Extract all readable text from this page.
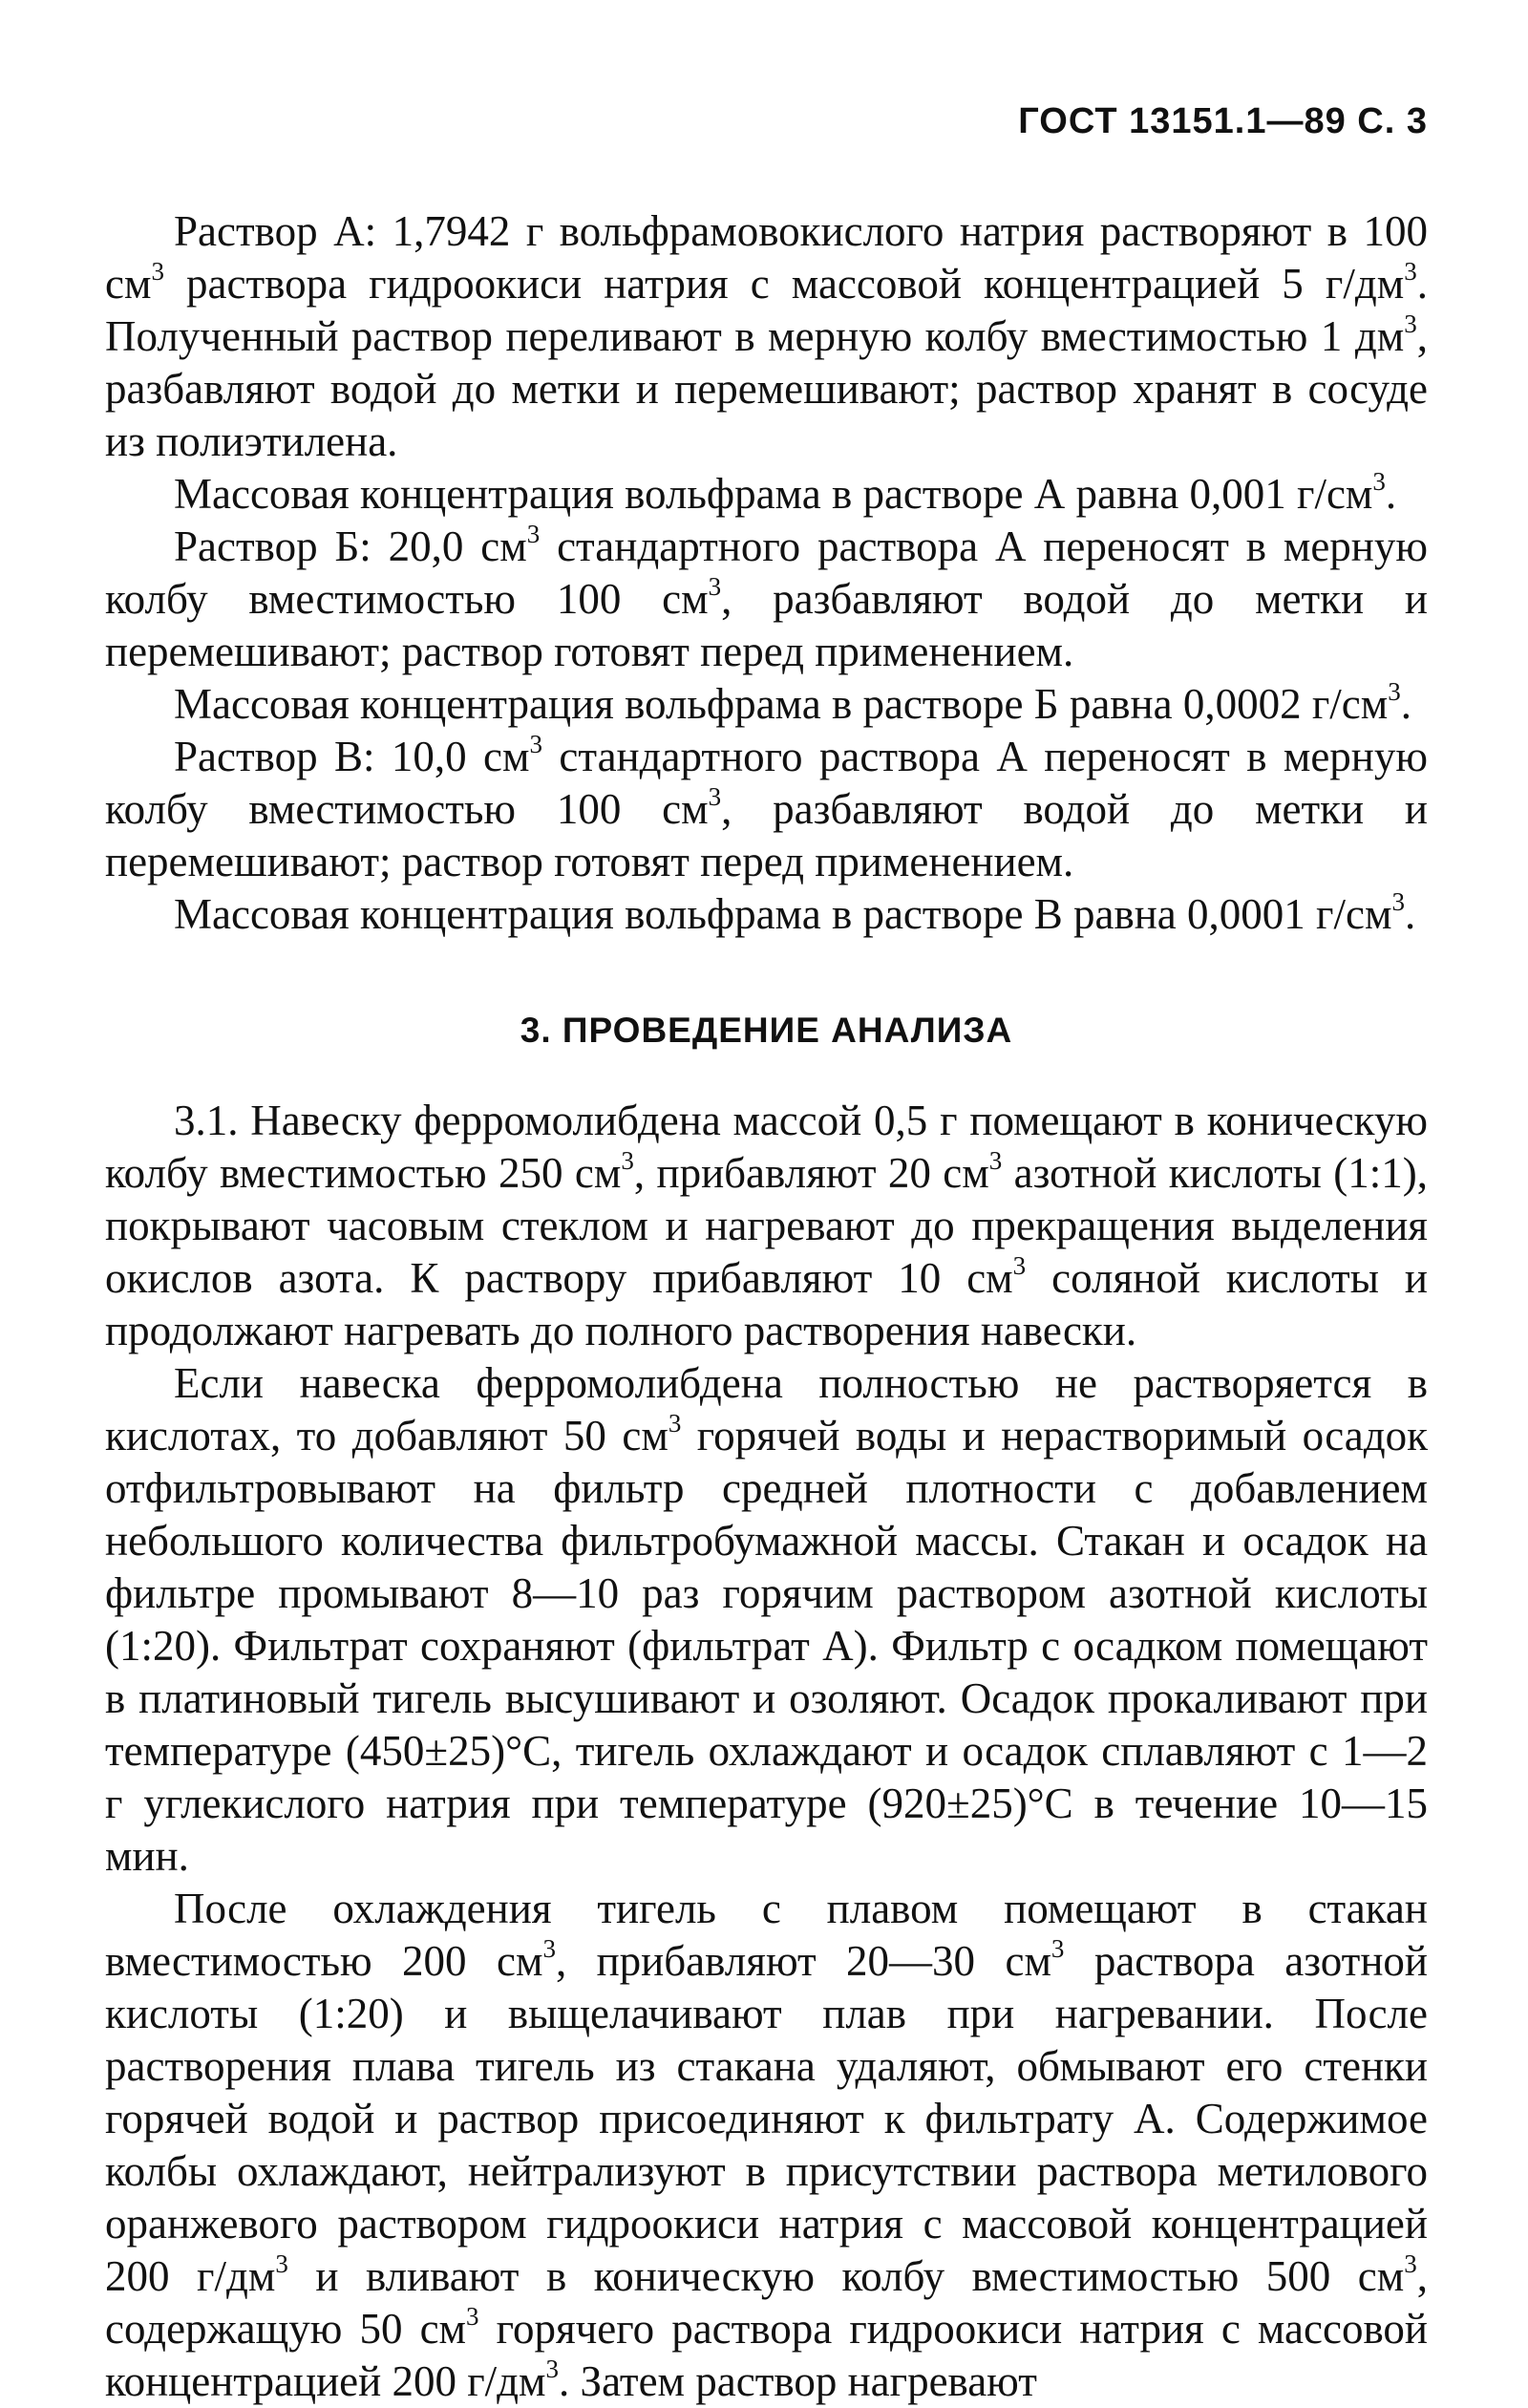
ГОСТ 13151.1—89 С. 3

Раствор А: 1,7942 г вольфрамовокислого натрия растворяют в 100 $см^3$ раствора гидроокиси натрия с массовой концентрацией 5 $г/дм^3$. Полученный раствор переливают в мерную колбу вместимостью 1 $дм^3$, разбавляют водой до метки и перемешивают; раствор хранят в сосуде из полиэтилена.

Массовая концентрация вольфрама в растворе А равна 0,001 $г/см^3$.

Раствор Б: 20,0 $см^3$ стандартного раствора А переносят в мерную колбу вместимостью 100 $см^3$, разбавляют водой до метки и перемешивают; раствор готовят перед применением.

Массовая концентрация вольфрама в растворе Б равна 0,0002 $г/см^3$.

Раствор В: 10,0 $см^3$ стандартного раствора А переносят в мерную колбу вместимостью 100 $см^3$, разбавляют водой до метки и перемешивают; раствор готовят перед применением.

Массовая концентрация вольфрама в растворе В равна 0,0001 $г/см^3$.

3. ПРОВЕДЕНИЕ АНАЛИЗА

3.1. Навеску ферромолибдена массой 0,5 г помещают в коническую колбу вместимостью 250 $см^3$, прибавляют 20 $см^3$ азотной кислоты (1:1), покрывают часовым стеклом и нагревают до прекращения выделения окислов азота. К раствору прибавляют 10 $см^3$ соляной кислоты и продолжают нагревать до полного растворения навески.

Если навеска ферромолибдена полностью не растворяется в кислотах, то добавляют 50 $см^3$ горячей воды и нерастворимый осадок отфильтровывают на фильтр средней плотности с добавлением небольшого количества фильтробумажной массы. Стакан и осадок на фильтре промывают 8—10 раз горячим раствором азотной кислоты (1:20). Фильтрат сохраняют (фильтрат А). Фильтр с осадком помещают в платиновый тигель высушивают и озоляют. Осадок прокаливают при температуре (450±25)°С, тигель охлаждают и осадок сплавляют с 1—2 г углекислого натрия при температуре (920±25)°С в течение 10—15 мин.

После охлаждения тигель с плавом помещают в стакан вместимостью 200 $см^3$, прибавляют 20—30 $см^3$ раствора азотной кислоты (1:20) и выщелачивают плав при нагревании. После растворения плава тигель из стакана удаляют, обмывают его стенки горячей водой и раствор присоединяют к фильтрату А. Содержимое колбы охлаждают, нейтрализуют в присутствии раствора метилового оранжевого раствором гидроокиси натрия с массовой концентрацией 200 $г/дм^3$ и вливают в коническую колбу вместимостью 500 $см^3$, содержащую 50 $см^3$ горячего раствора гидроокиси натрия с массовой концентрацией 200 $г/дм^3$. Затем раствор нагревают
